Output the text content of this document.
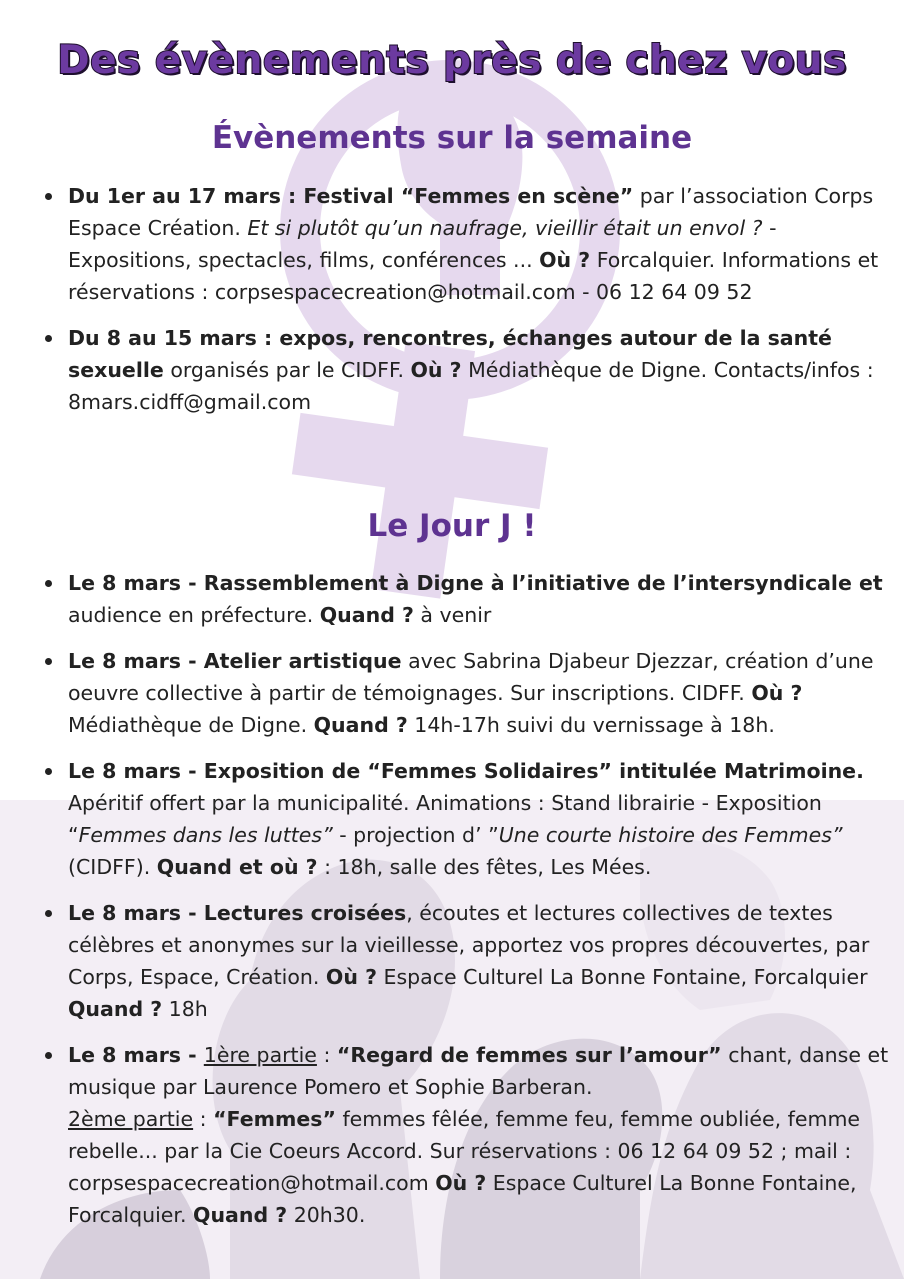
Des évènements près de chez vous
Évènements sur la semaine
Du 1er au 17 mars : Festival “Femmes en scène” par l’association Corps Espace Création. Et si plutôt qu’un naufrage, vieillir était un envol ? - Expositions, spectacles, films, conférences ... Où ? Forcalquier. Informations et réservations : corpsespacecreation@hotmail.com - 06 12 64 09 52
Du 8 au 15 mars : expos, rencontres, échanges autour de la santé sexuelle organisés par le CIDFF. Où ? Médiathèque de Digne. Contacts/infos : 8mars.cidff@gmail.com
Le Jour J !
Le 8 mars - Rassemblement à Digne à l’initiative de l’intersyndicale et audience en préfecture. Quand ? à venir
Le 8 mars - Atelier artistique avec Sabrina Djabeur Djezzar, création d’une oeuvre collective à partir de témoignages. Sur inscriptions. CIDFF. Où ? Médiathèque de Digne. Quand ? 14h-17h suivi du vernissage à 18h.
Le 8 mars - Exposition de “Femmes Solidaires” intitulée Matrimoine. Apéritif offert par la municipalité. Animations : Stand librairie - Exposition “Femmes dans les luttes” - projection d’ ”Une courte histoire des Femmes” (CIDFF). Quand et où ? : 18h, salle des fêtes, Les Mées.
Le 8 mars - Lectures croisées, écoutes et lectures collectives de textes célèbres et anonymes sur la vieillesse, apportez vos propres découvertes, par Corps, Espace, Création. Où ? Espace Culturel La Bonne Fontaine, Forcalquier Quand ? 18h
Le 8 mars - 1ère partie : “Regard de femmes sur l’amour” chant, danse et musique par Laurence Pomero et Sophie Barberan.
2ème partie : “Femmes” femmes fêlée, femme feu, femme oubliée, femme rebelle... par la Cie Coeurs Accord. Sur réservations : 06 12 64 09 52 ; mail : corpsespacecreation@hotmail.com Où ? Espace Culturel La Bonne Fontaine, Forcalquier. Quand ? 20h30.
